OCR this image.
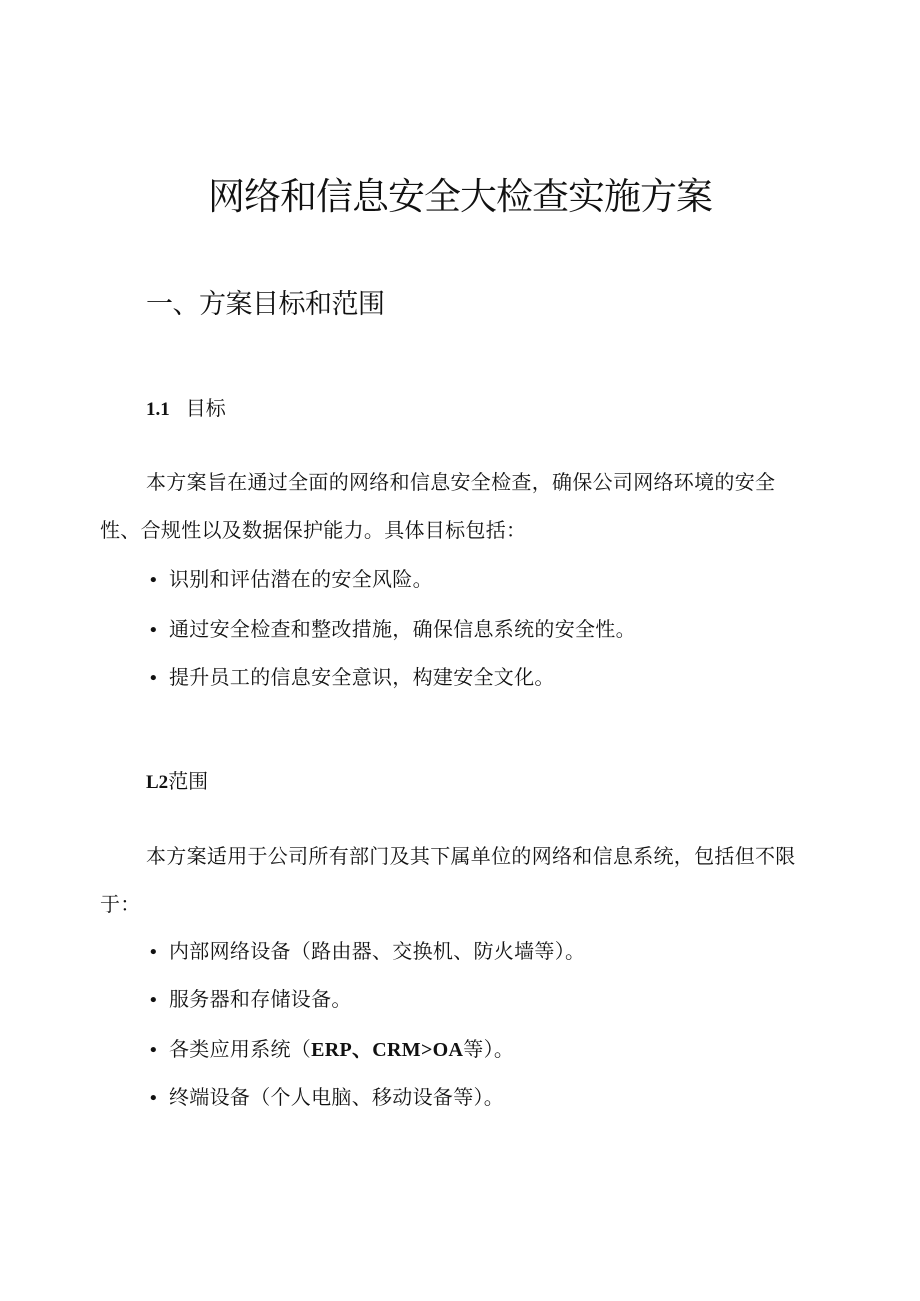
网络和信息安全大检查实施方案
一、方案目标和范围
1.1 目标

本方案旨在通过全面的网络和信息安全检查，确保公司网络环境的安全性、合规性以及数据保护能力。具体目标包括：

• 识别和评估潜在的安全风险。
• 通过安全检查和整改措施，确保信息系统的安全性。
• 提升员工的信息安全意识，构建安全文化。
L2范围

本方案适用于公司所有部门及其下属单位的网络和信息系统，包括但不限于：

• 内部网络设备（路由器、交换机、防火墙等）。
• 服务器和存储设备。
• 各类应用系统（ERP、CRM>OA等）。
• 终端设备（个人电脑、移动设备等）。
